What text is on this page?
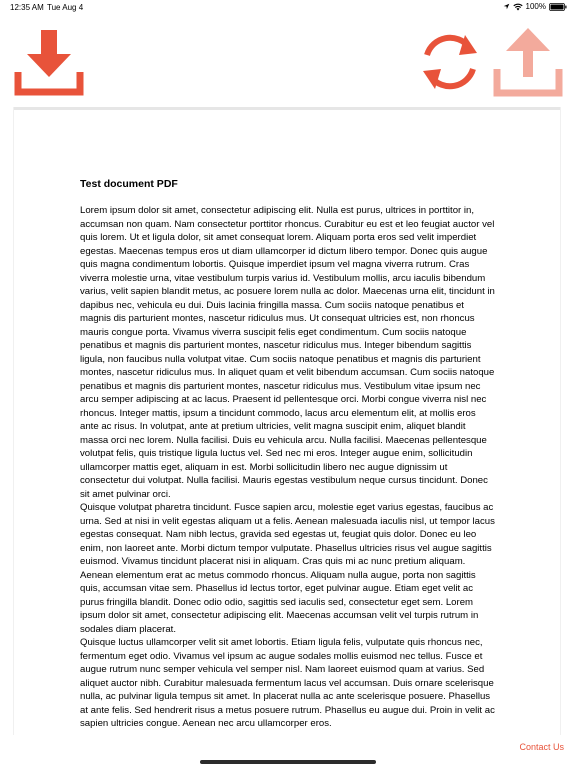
12:35 AM Tue Aug 4	100%

Test document PDF

Lorem ipsum dolor sit amet, consectetur adipiscing elit. Nulla est purus, ultrices in porttitor in, accumsan non quam. Nam consectetur porttitor rhoncus. Curabitur eu est et leo feugiat auctor vel quis lorem. Ut et ligula dolor, sit amet consequat lorem. Aliquam porta eros sed velit imperdiet egestas. Maecenas tempus eros ut diam ullamcorper id dictum libero tempor. Donec quis augue quis magna condimentum lobortis. Quisque imperdiet ipsum vel magna viverra rutrum. Cras viverra molestie urna, vitae vestibulum turpis varius id. Vestibulum mollis, arcu iaculis bibendum varius, velit sapien blandit metus, ac posuere lorem nulla ac dolor. Maecenas urna elit, tincidunt in dapibus nec, vehicula eu dui. Duis lacinia fringilla massa. Cum sociis natoque penatibus et magnis dis parturient montes, nascetur ridiculus mus. Ut consequat ultricies est, non rhoncus mauris congue porta. Vivamus viverra suscipit felis eget condimentum. Cum sociis natoque penatibus et magnis dis parturient montes, nascetur ridiculus mus. Integer bibendum sagittis ligula, non faucibus nulla volutpat vitae. Cum sociis natoque penatibus et magnis dis parturient montes, nascetur ridiculus mus. In aliquet quam et velit bibendum accumsan. Cum sociis natoque penatibus et magnis dis parturient montes, nascetur ridiculus mus. Vestibulum vitae ipsum nec arcu semper adipiscing at ac lacus. Praesent id pellentesque orci. Morbi congue viverra nisl nec rhoncus. Integer mattis, ipsum a tincidunt commodo, lacus arcu elementum elit, at mollis eros ante ac risus. In volutpat, ante at pretium ultricies, velit magna suscipit enim, aliquet blandit massa orci nec lorem. Nulla facilisi. Duis eu vehicula arcu. Nulla facilisi. Maecenas pellentesque volutpat felis, quis tristique ligula luctus vel. Sed nec mi eros. Integer augue enim, sollicitudin ullamcorper mattis eget, aliquam in est. Morbi sollicitudin libero nec augue dignissim ut consectetur dui volutpat. Nulla facilisi. Mauris egestas vestibulum neque cursus tincidunt. Donec sit amet pulvinar orci.

Quisque volutpat pharetra tincidunt. Fusce sapien arcu, molestie eget varius egestas, faucibus ac urna. Sed at nisi in velit egestas aliquam ut a felis. Aenean malesuada iaculis nisl, ut tempor lacus egestas consequat. Nam nibh lectus, gravida sed egestas ut, feugiat quis dolor. Donec eu leo enim, non laoreet ante. Morbi dictum tempor vulputate. Phasellus ultricies risus vel augue sagittis euismod. Vivamus tincidunt placerat nisi in aliquam. Cras quis mi ac nunc pretium aliquam. Aenean elementum erat ac metus commodo rhoncus. Aliquam nulla augue, porta non sagittis quis, accumsan vitae sem. Phasellus id lectus tortor, eget pulvinar augue. Etiam eget velit ac purus fringilla blandit. Donec odio odio, sagittis sed iaculis sed, consectetur eget sem. Lorem ipsum dolor sit amet, consectetur adipiscing elit. Maecenas accumsan velit vel turpis rutrum in sodales diam placerat.

Quisque luctus ullamcorper velit sit amet lobortis. Etiam ligula felis, vulputate quis rhoncus nec, fermentum eget odio. Vivamus vel ipsum ac augue sodales mollis euismod nec tellus. Fusce et augue rutrum nunc semper vehicula vel semper nisl. Nam laoreet euismod quam at varius. Sed aliquet auctor nibh. Curabitur malesuada fermentum lacus vel accumsan. Duis ornare scelerisque nulla, ac pulvinar ligula tempus sit amet. In placerat nulla ac ante scelerisque posuere. Phasellus at ante felis. Sed hendrerit risus a metus posuere rutrum. Phasellus eu augue dui. Proin in velit ac sapien ultricies congue. Aenean nec arcu ullamcorper eros.

Contact Us
